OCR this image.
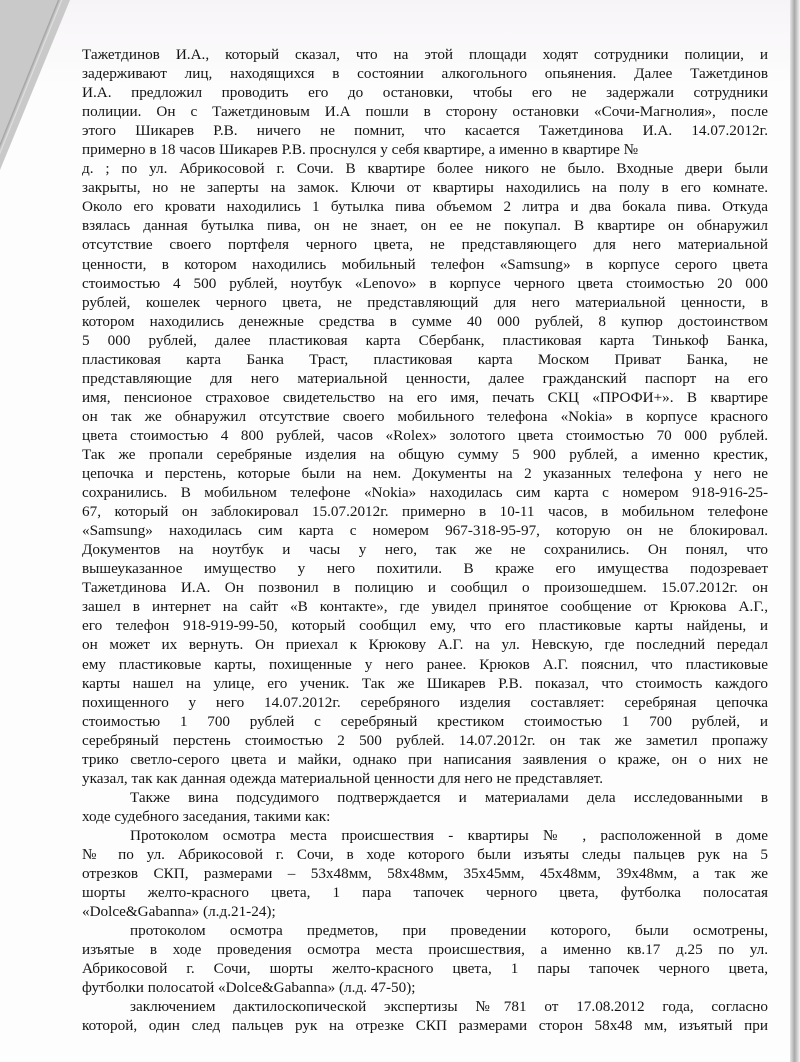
Тажетдинов И.А., который сказал, что на этой площади ходят сотрудники полиции, и
задерживают лиц, находящихся в состоянии алкогольного опьянения. Далее Тажетдинов
И.А. предложил проводить его до остановки, чтобы его не задержали сотрудники
полиции. Он с Тажетдиновым И.А пошли в сторону остановки «Сочи-Магнолия», после
этого Шикарев Р.В. ничего не помнит, что касается Тажетдинова И.А. 14.07.2012г.
примерно в 18 часов Шикарев Р.В. проснулся у себя квартире, а именно в квартире №
д. ; по ул. Абрикосовой г. Сочи. В квартире более никого не было. Входные двери были
закрыты, но не заперты на замок. Ключи от квартиры находились на полу в его комнате.
Около его кровати находились 1 бутылка пива объемом 2 литра и два бокала пива. Откуда
взялась данная бутылка пива, он не знает, он ее не покупал. В квартире он обнаружил
отсутствие своего портфеля черного цвета, не представляющего для него материальной
ценности, в котором находились мобильный телефон «Samsung» в корпусе серого цвета
стоимостью 4 500 рублей, ноутбук «Lenovo» в корпусе черного цвета стоимостью 20 000
рублей, кошелек черного цвета, не представляющий для него материальной ценности, в
котором находились денежные средства в сумме 40 000 рублей, 8 купюр достоинством
5 000 рублей, далее пластиковая карта Сбербанк, пластиковая карта Тинькоф Банка,
пластиковая карта Банка Траст, пластиковая карта Моском Приват Банка, не
представляющие для него материальной ценности, далее гражданский паспорт на его
имя, пенсионое страховое свидетельство на его имя, печать СКЦ «ПРОФИ+». В квартире
он так же обнаружил отсутствие своего мобильного телефона «Nokia» в корпусе красного
цвета стоимостью 4 800 рублей, часов «Rolex» золотого цвета стоимостью 70 000 рублей.
Так же пропали серебряные изделия на общую сумму 5 900 рублей, а именно крестик,
цепочка и перстень, которые были на нем. Документы на 2 указанных телефона у него не
сохранились. В мобильном телефоне «Nokia» находилась сим карта с номером 918-916-25-
67, который он заблокировал 15.07.2012г. примерно в 10-11 часов, в мобильном телефоне
«Samsung» находилась сим карта с номером 967-318-95-97, которую он не блокировал.
Документов на ноутбук и часы у него, так же не сохранились. Он понял, что
вышеуказанное имущество у него похитили. В краже его имущества подозревает
Тажетдинова И.А. Он позвонил в полицию и сообщил о произошедшем. 15.07.2012г. он
зашел в интернет на сайт «В контакте», где увидел принятое сообщение от Крюкова А.Г.,
его телефон 918-919-99-50, который сообщил ему, что его пластиковые карты найдены, и
он может их вернуть. Он приехал к Крюкову А.Г. на ул. Невскую, где последний передал
ему пластиковые карты, похищенные у него ранее. Крюков А.Г. пояснил, что пластиковые
карты нашел на улице, его ученик. Так же Шикарев Р.В. показал, что стоимость каждого
похищенного у него 14.07.2012г. серебряного изделия составляет: серебряная цепочка
стоимостью 1 700 рублей с серебряный крестиком стоимостью 1 700 рублей, и
серебряный перстень стоимостью 2 500 рублей. 14.07.2012г. он так же заметил пропажу
трико светло-серого цвета и майки, однако при написания заявления о краже, он о них не
указал, так как данная одежда материальной ценности для него не представляет.
Также вина подсудимого подтверждается и материалами дела исследованными в
ходе судебного заседания, такими как:
Протоколом осмотра места происшествия - квартиры № , расположенной в доме
№ по ул. Абрикосовой г. Сочи, в ходе которого были изъяты следы пальцев рук на 5
отрезков СКП, размерами – 53х48мм, 58х48мм, 35х45мм, 45х48мм, 39х48мм, а так же
шорты желто-красного цвета, 1 пара тапочек черного цвета, футболка полосатая
«Dolce&Gabanna» (л.д.21-24);
протоколом осмотра предметов, при проведении которого, были осмотрены,
изъятые в ходе проведения осмотра места происшествия, а именно кв.17 д.25 по ул.
Абрикосовой г. Сочи, шорты желто-красного цвета, 1 пары тапочек черного цвета,
футболки полосатой «Dolce&Gabanna» (л.д. 47-50);
заключением дактилоскопической экспертизы №781 от 17.08.2012 года, согласно
которой, один след пальцев рук на отрезке СКП размерами сторон 58х48 мм, изъятый при
